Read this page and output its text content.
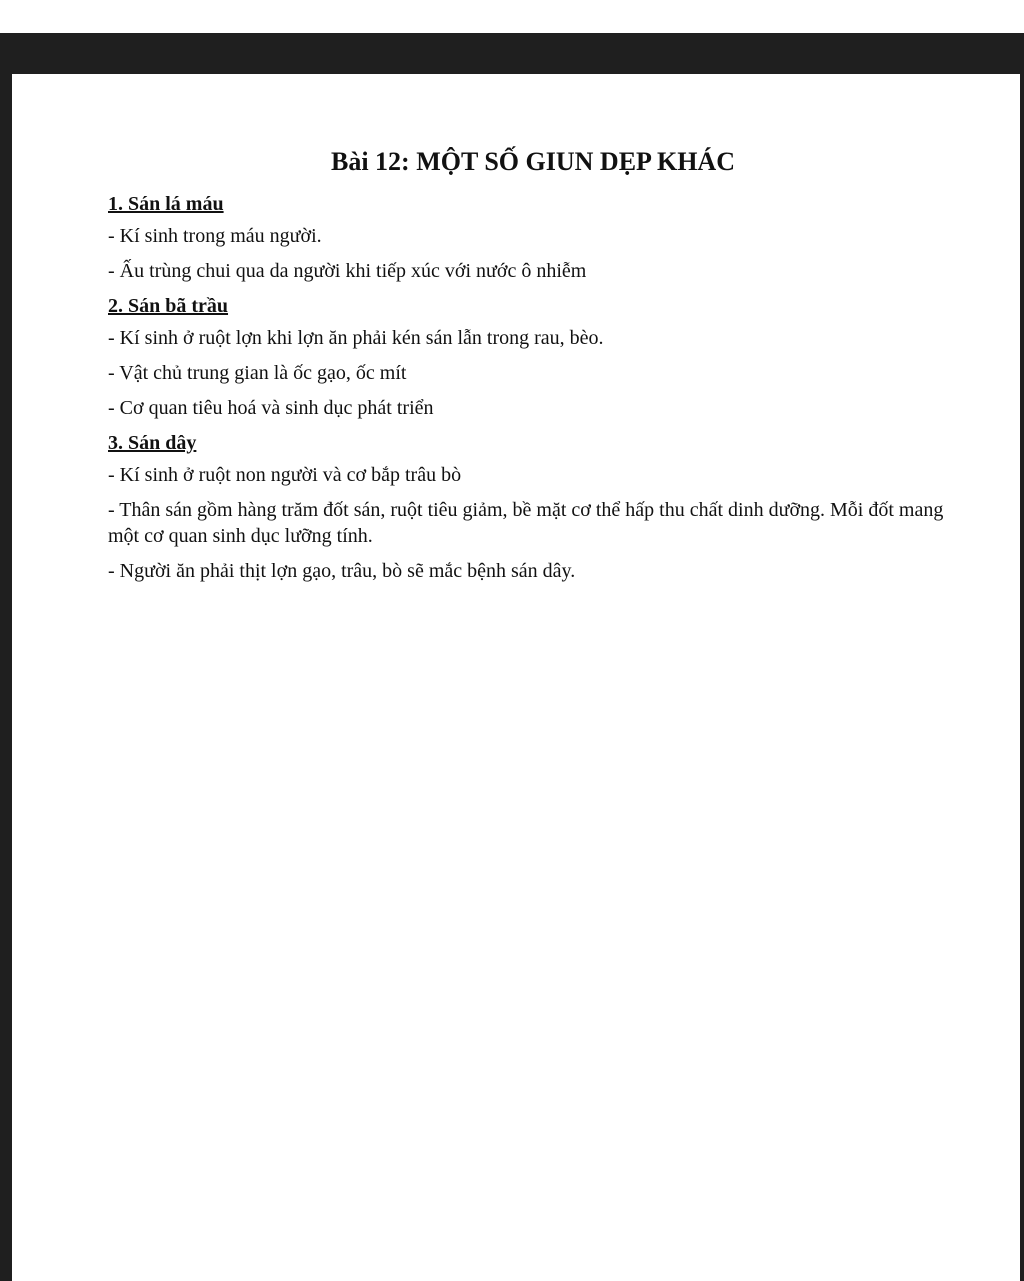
Bài 12: MỘT SỐ GIUN DẸP KHÁC
1. Sán lá máu
- Kí sinh trong máu người.
- Ấu trùng chui qua da người khi tiếp xúc với nước ô nhiễm
2. Sán bã trầu
- Kí sinh ở ruột lợn khi lợn ăn phải kén sán lẫn trong rau, bèo.
- Vật chủ trung gian là ốc gạo, ốc mít
- Cơ quan tiêu hoá và sinh dục phát triển
3. Sán dây
- Kí sinh ở ruột non người và cơ bắp trâu bò
- Thân sán gồm hàng trăm đốt sán, ruột tiêu giảm, bề mặt cơ thể hấp thu chất dinh dưỡng. Mỗi đốt mang một cơ quan sinh dục lưỡng tính.
- Người ăn phải thịt lợn gạo, trâu, bò sẽ mắc bệnh sán dây.
